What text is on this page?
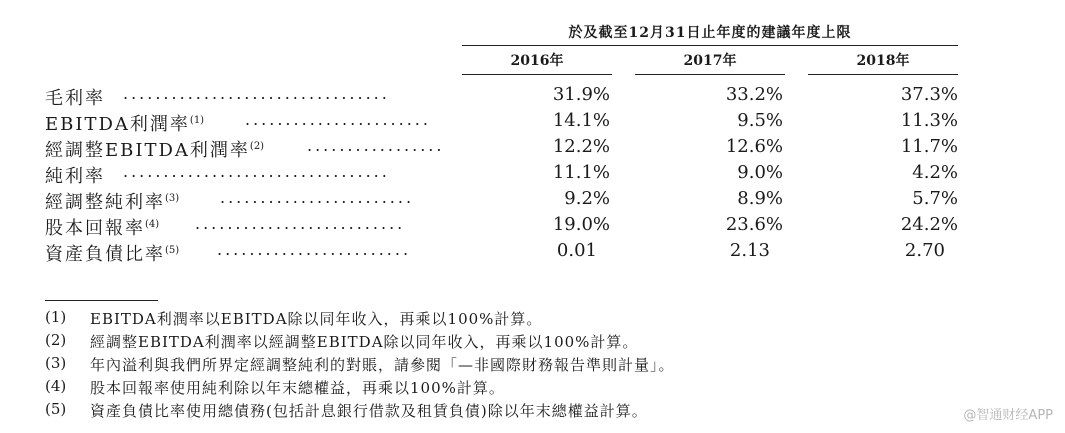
於及截至12月31日止年度的建議年度上限
2016年	2017年	2018年
毛利率 .................................	31.9%	33.2%	37.3%
EBITDA利潤率$^{(1)}$	.......................	14.1%	9.5%	11.3%
經調整EBITDA利潤率$^{(2)}$	.................	12.2%	12.6%	11.7%
純利率 .................................	11.1%	9.0%	4.2%
經調整純利率$^{(3)}$	........................	9.2%	8.9%	5.7%
股本回報率$^{(4)}$ ..........................	19.0%	23.6%	24.2%
資產負債比率$^{(5)}$ ........................	0.01	2.13	2.70
(1) EBITDA利潤率以EBITDA除以同年收入，再乘以100%計算。
(2) 經調整EBITDA利潤率以經調整EBITDA除以同年收入，再乘以100%計算。
(3) 年內溢利與我們所界定經調整純利的對賬，請參閱「—非國際財務報告準則計量」。
(4) 股本回報率使用純利除以年末總權益，再乘以100%計算。
(5) 資產負債比率使用總債務(包括計息銀行借款及租賃負債)除以年末總權益計算。	@智通财经APP
